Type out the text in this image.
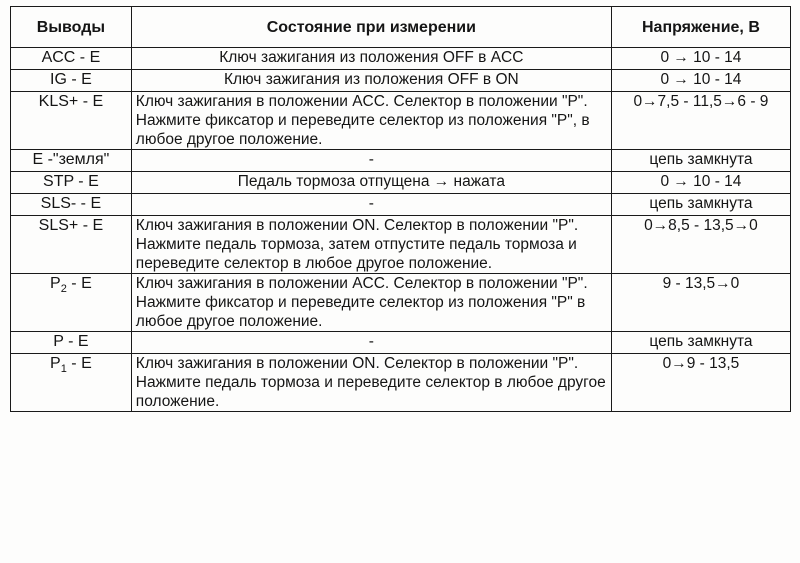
Выводы	Состояние при измерении	Напряжение, В
ACC - E	Ключ зажигания из положения OFF в ACC	0 → 10 - 14
IG - E	Ключ зажигания из положения OFF в ON	0 → 10 - 14
KLS+ - E	Ключ зажигания в положении ACC. Селектор в положении "P". Нажмите фиксатор и переведите селектор из положения "P", в любое другое положение.	0→7,5 - 11,5→6 - 9
E -"земля"	-	цепь замкнута
STP - E	Педаль тормоза отпущена → нажата	0 → 10 - 14
SLS- - E	-	цепь замкнута
SLS+ - E	Ключ зажигания в положении ON. Селектор в положении "P". Нажмите педаль тормоза, затем отпустите педаль тормоза и переведите селектор в любое другое положение.	0→8,5 - 13,5→0
$P_2$ - E	Ключ зажигания в положении ACC. Селектор в положении "P". Нажмите фиксатор и переведите селектор из положения "P" в любое другое положение.	9 - 13,5→0
P - E	-	цепь замкнута
$P_1$ - E	Ключ зажигания в положении ON. Селектор в положении "P". Нажмите педаль тормоза и переведите селектор в любое другое положение.	0→9 - 13,5
